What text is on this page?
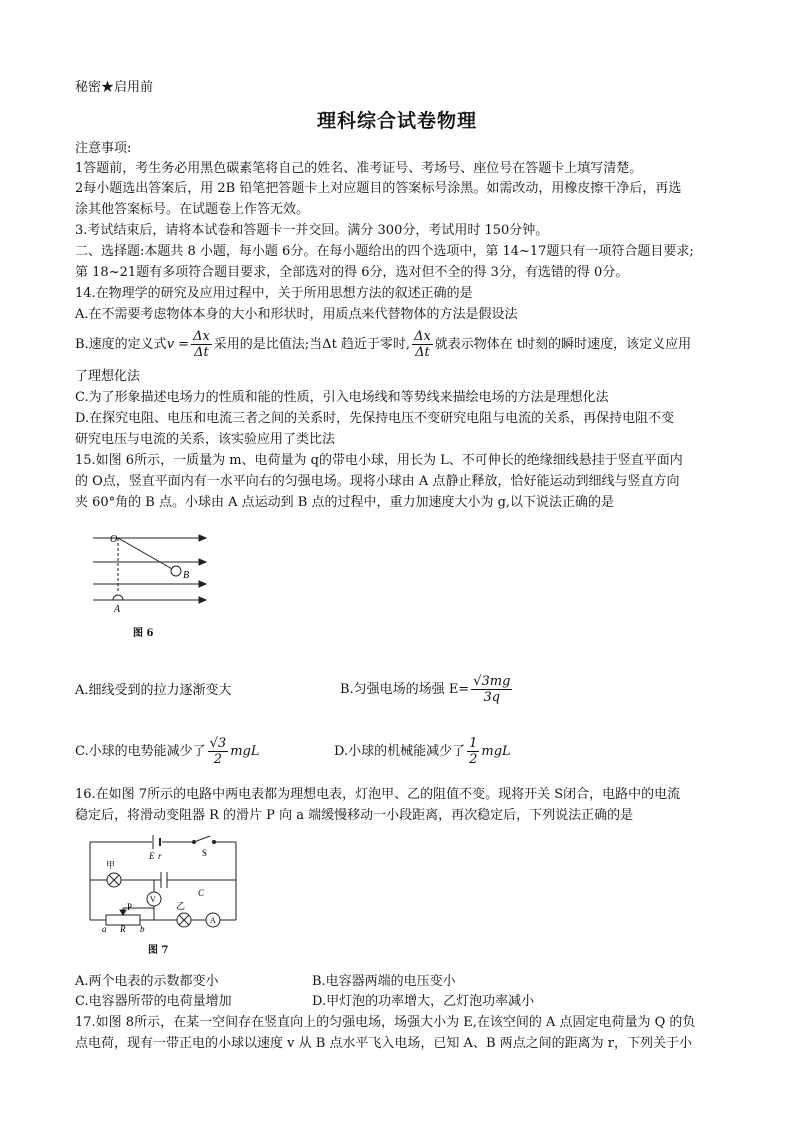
秘密★启用前
理科综合试卷物理
注意事项:
1答题前，考生务必用黑色碳素笔将自己的姓名、准考证号、考场号、座位号在答题卡上填写清楚。
2每小题选出答案后，用 2B 铅笔把答题卡上对应题目的答案标号涂黑。如需改动，用橡皮擦干净后，再选
涂其他答案标号。在试题卷上作答无效。
3.考试结束后，请将本试卷和答题卡一并交回。满分 300分，考试用时 150分钟。
二、选择题:本题共 8 小题，每小题 6分。在每小题给出的四个选项中，第 14~17题只有一项符合题目要求;
第 18~21题有多项符合题目要求，全部选对的得 6分，选对但不全的得 3分，有选错的得 0分。
14.在物理学的研究及应用过程中，关于所用思想方法的叙述正确的是
A.在不需要考虑物体本身的大小和形状时，用质点来代替物体的方法是假设法
B.速度的定义式$v = \frac{\Delta x}{\Delta t}$ 采用的是比值法;当Δt 趋近于零时, $\frac{\Delta x}{\Delta t}$ 就表示物体在 t时刻的瞬时速度，该定义应用
了理想化法
C.为了形象描述电场力的性质和能的性质，引入电场线和等势线来描绘电场的方法是理想化法
D.在探究电阻、电压和电流三者之间的关系时，先保持电压不变研究电阻与电流的关系，再保持电阻不变
研究电压与电流的关系，该实验应用了类比法
15.如图 6所示，一质量为 m、电荷量为 q的带电小球，用长为 L、不可伸长的绝缘细线悬挂于竖直平面内
的 O点，竖直平面内有一水平向右的匀强电场。现将小球由 A 点静止释放，恰好能运动到细线与竖直方向
夹 60°角的 B 点。小球由 A 点运动到 B 点的过程中，重力加速度大小为 g,以下说法正确的是
O
B
A
图 6
A.细线受到的拉力逐渐变大	B.匀强电场的场强 $E= \frac{√3mg}{3q}$
C.小球的电势能减少了 $\frac{√3}{2}$ mgL	D.小球的机械能减少了 $\frac{1}{2}$ mgL
16.在如图 7所示的电路中两电表都为理想电表，灯泡甲、乙的阻值不变。现将开关 S闭合，电路中的电流
稳定后，将滑动变阻器 R 的滑片 P 向 a 端缓慢移动一小段距离，再次稳定后，下列说法正确的是
E r	S
甲
V
C
乙
A
P
a R b
图 7
A.两个电表的示数都变小	B.电容器两端的电压变小
C.电容器所带的电荷量增加	D.甲灯泡的功率增大，乙灯泡功率减小
17.如图 8所示，在某一空间存在竖直向上的匀强电场，场强大小为 E,在该空间的 A 点固定电荷量为 Q 的负
点电荷，现有一带正电的小球以速度 v 从 B 点水平飞入电场，已知 A、B 两点之间的距离为 r，下列关于小
